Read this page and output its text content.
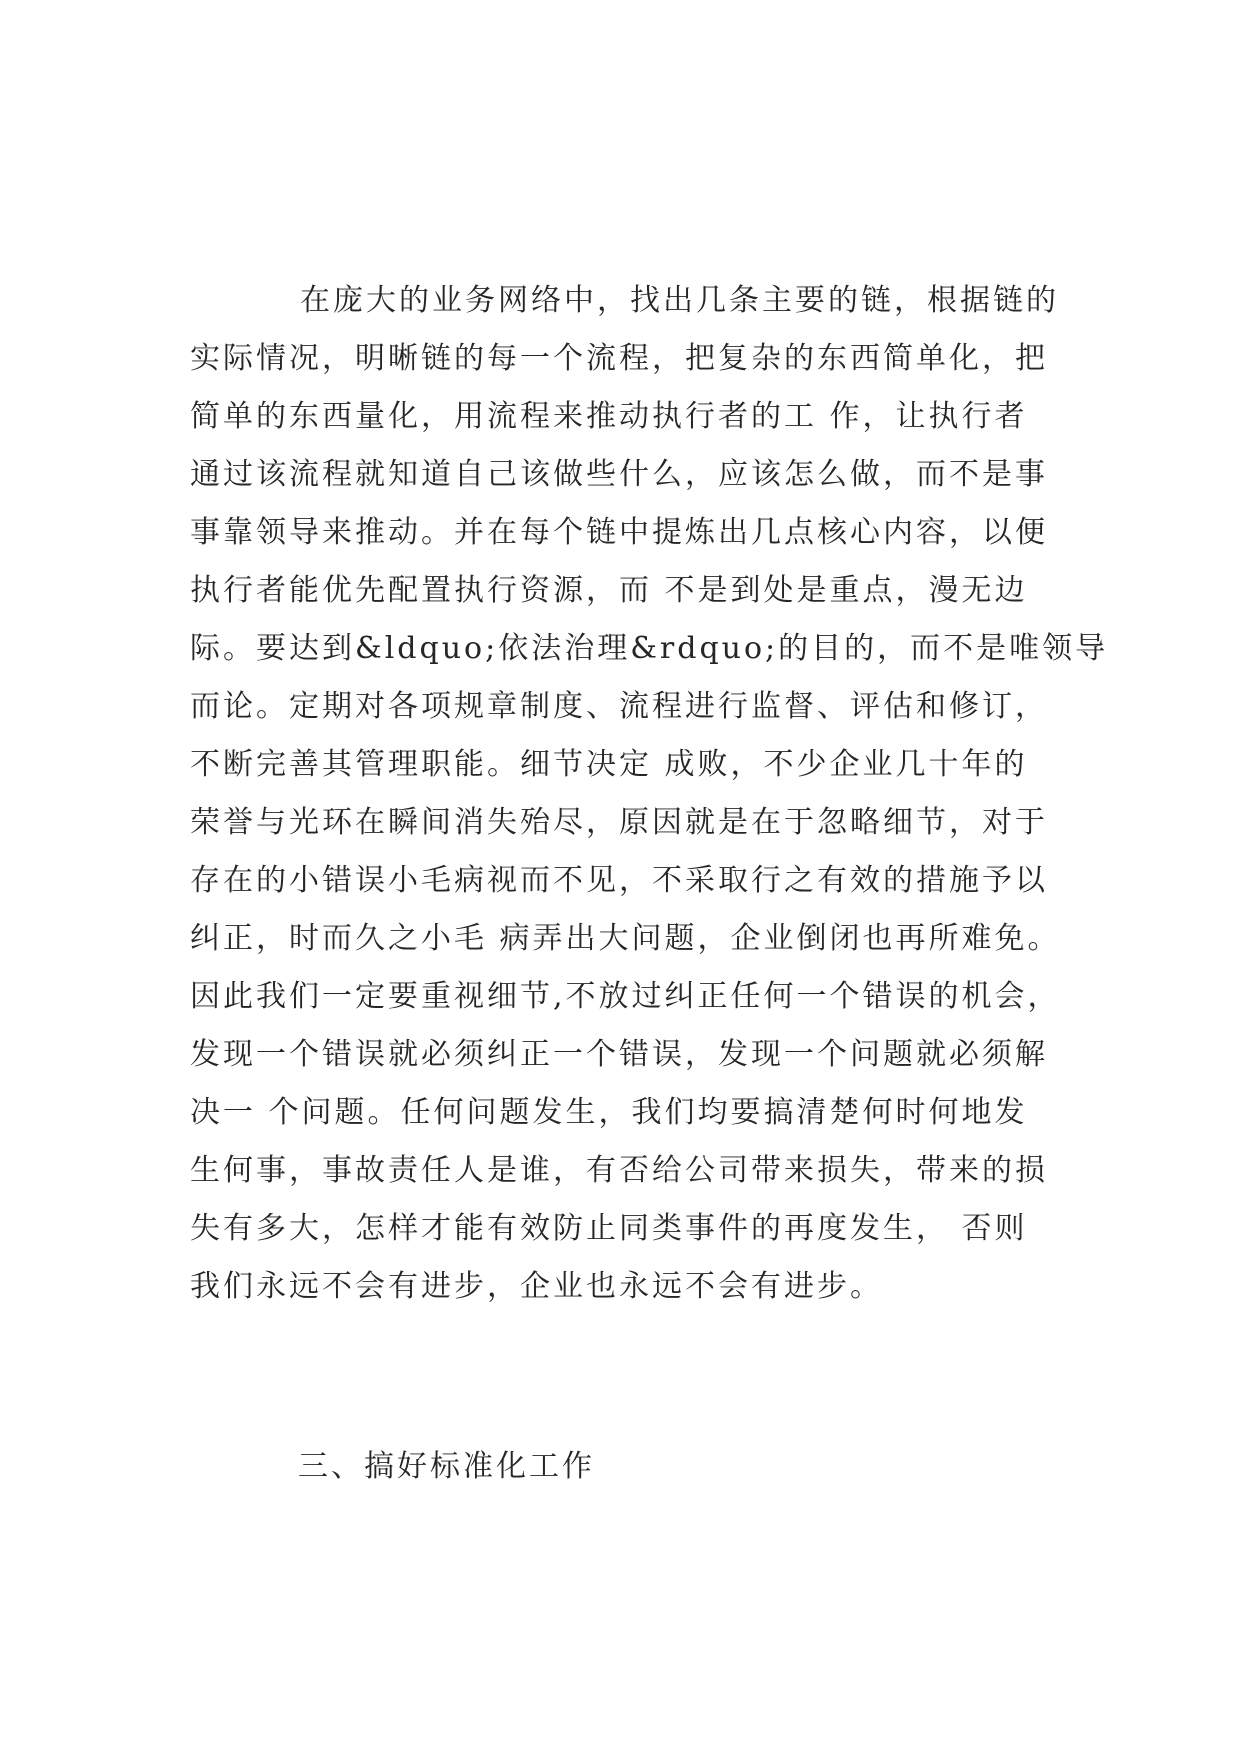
在庞大的业务网络中，找出几条主要的链，根据链的
实际情况，明晰链的每一个流程，把复杂的东西简单化，把
简单的东西量化，用流程来推动执行者的工 作，让执行者
通过该流程就知道自己该做些什么，应该怎么做，而不是事
事靠领导来推动。并在每个链中提炼出几点核心内容，以便
执行者能优先配置执行资源，而 不是到处是重点，漫无边
际。要达到&ldquo;依法治理&rdquo;的目的，而不是唯领导
而论。定期对各项规章制度、流程进行监督、评估和修订，
不断完善其管理职能。细节决定 成败，不少企业几十年的
荣誉与光环在瞬间消失殆尽，原因就是在于忽略细节，对于
存在的小错误小毛病视而不见，不采取行之有效的措施予以
纠正，时而久之小毛 病弄出大问题，企业倒闭也再所难免。
因此我们一定要重视细节,不放过纠正任何一个错误的机会，
发现一个错误就必须纠正一个错误，发现一个问题就必须解
决一 个问题。任何问题发生，我们均要搞清楚何时何地发
生何事，事故责任人是谁，有否给公司带来损失，带来的损
失有多大，怎样才能有效防止同类事件的再度发生， 否则
我们永远不会有进步，企业也永远不会有进步。
三、搞好标准化工作
